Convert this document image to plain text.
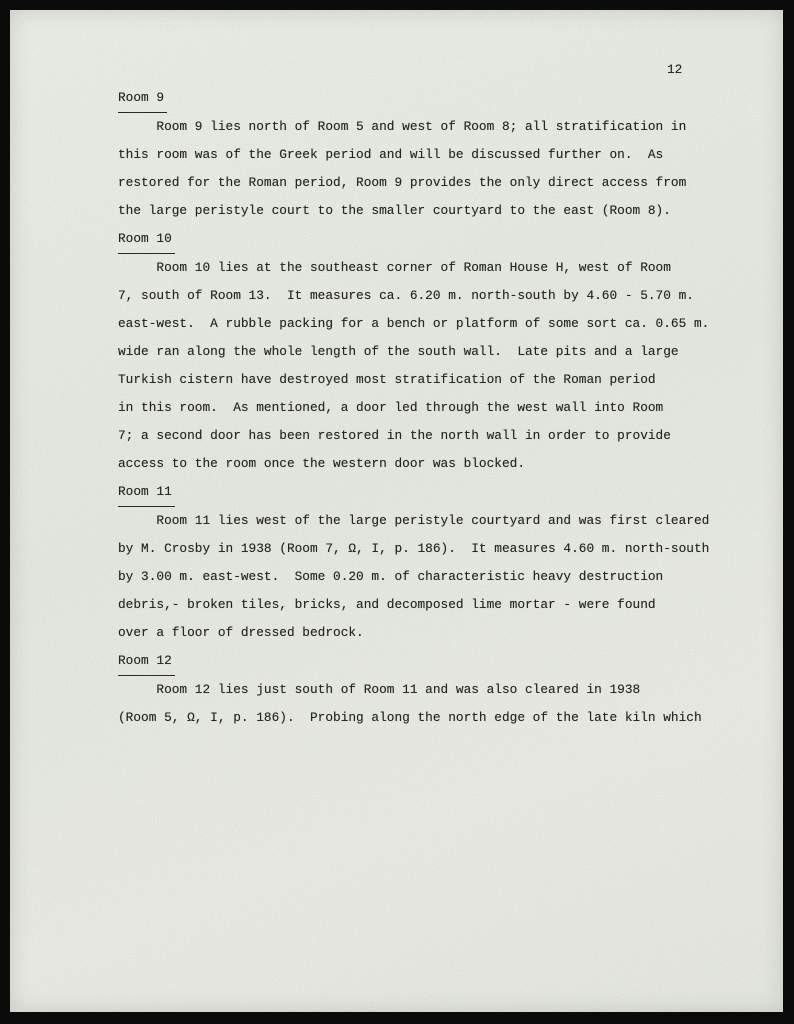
12
Room 9
Room 9 lies north of Room 5 and west of Room 8; all stratification in
this room was of the Greek period and will be discussed further on.  As
restored for the Roman period, Room 9 provides the only direct access from
the large peristyle court to the smaller courtyard to the east (Room 8).
Room 10
Room 10 lies at the southeast corner of Roman House H, west of Room
7, south of Room 13.  It measures ca. 6.20 m. north-south by 4.60 - 5.70 m.
east-west.  A rubble packing for a bench or platform of some sort ca. 0.65 m.
wide ran along the whole length of the south wall.  Late pits and a large
Turkish cistern have destroyed most stratification of the Roman period
in this room.  As mentioned, a door led through the west wall into Room
7; a second door has been restored in the north wall in order to provide
access to the room once the western door was blocked.
Room 11
Room 11 lies west of the large peristyle courtyard and was first cleared
by M. Crosby in 1938 (Room 7, Ω, I, p. 186).  It measures 4.60 m. north-south
by 3.00 m. east-west.  Some 0.20 m. of characteristic heavy destruction
debris,- broken tiles, bricks, and decomposed lime mortar - were found
over a floor of dressed bedrock.
Room 12
Room 12 lies just south of Room 11 and was also cleared in 1938
(Room 5, Ω, I, p. 186).  Probing along the north edge of the late kiln which
